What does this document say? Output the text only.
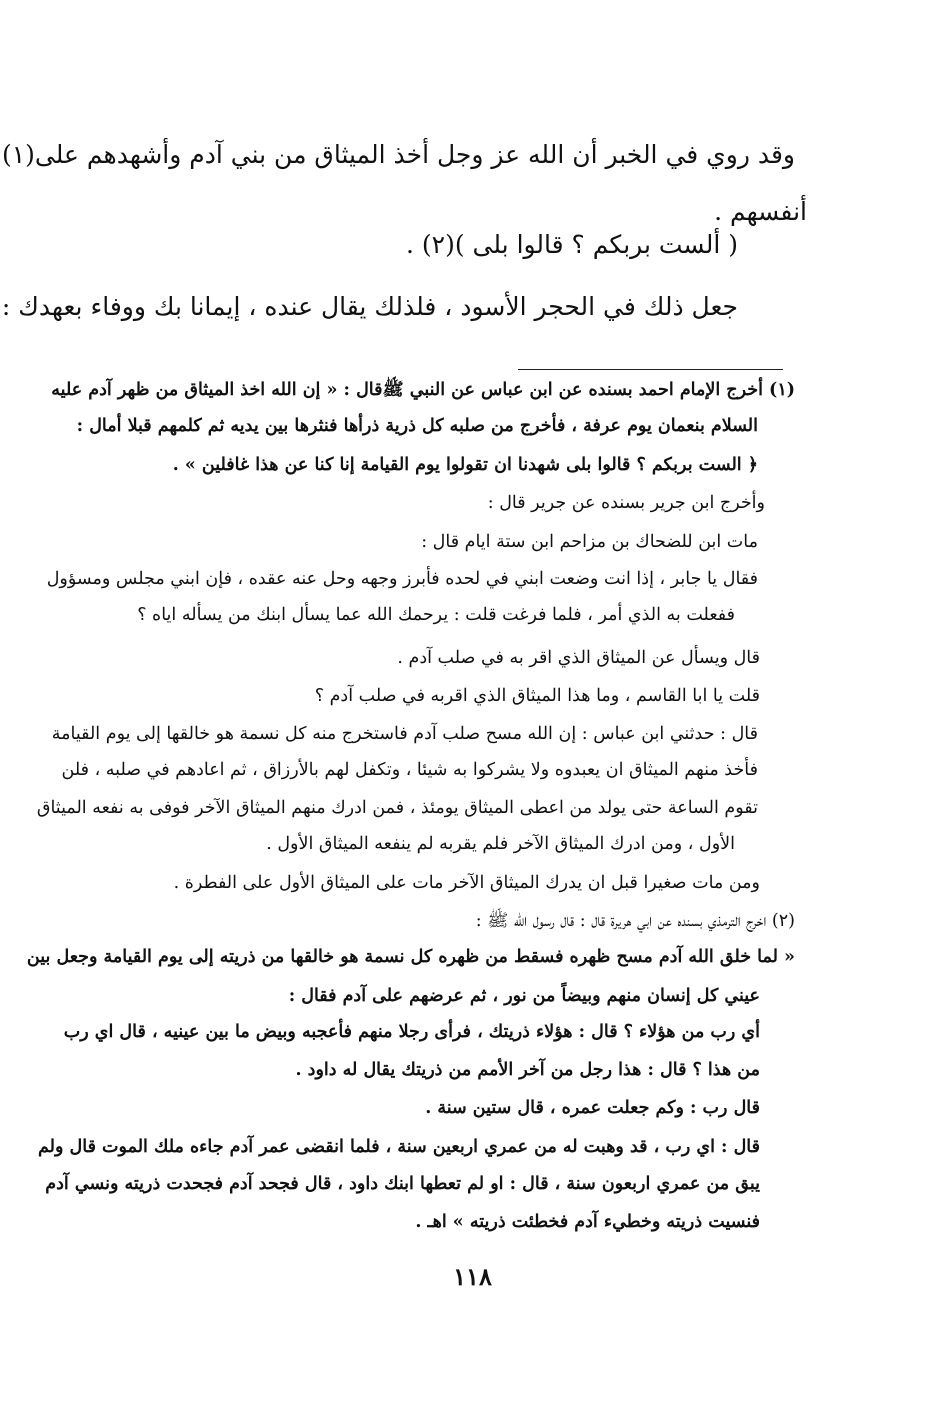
وقد روي في الخبر أن الله عز وجل أخذ الميثاق من بني آدم وأشهدهم على(١)
أنفسهم .
( ألست بربكم ؟ قالوا بلى )(٢) .
جعل ذلك في الحجر الأسود ، فلذلك يقال عنده ، إيمانا بك ووفاء بعهدك :
(١) أخرج الإمام احمد بسنده عن ابن عباس عن النبي ﷺقال : « إن الله اخذ الميثاق من ظهر آدم عليه
السلام بنعمان يوم عرفة ، فأخرج من صلبه كل ذرية ذرأها فنثرها بين يديه ثم كلمهم قبلا أمال :
﴿ الست بربكم ؟ قالوا بلى شهدنا ان تقولوا يوم القيامة إنا كنا عن هذا غافلين » .
وأخرج ابن جرير بسنده عن جرير قال :
مات ابن للضحاك بن مزاحم ابن ستة ايام قال :
فقال يا جابر ، إذا انت وضعت ابني في لحده فأبرز وجهه وحل عنه عقده ، فإن ابني مجلس ومسؤول
ففعلت به الذي أمر ، فلما فرغت قلت : يرحمك الله عما يسأل ابنك من يسأله اياه ؟
قال ويسأل عن الميثاق الذي اقر به في صلب آدم .
قلت يا ابا القاسم ، وما هذا الميثاق الذي اقربه في صلب آدم ؟
قال : حدثني ابن عباس : إن الله مسح صلب آدم فاستخرج منه كل نسمة هو خالقها إلى يوم القيامة
فأخذ منهم الميثاق ان يعبدوه ولا يشركوا به شيئا ، وتكفل لهم بالأرزاق ، ثم اعادهم في صلبه ، فلن
تقوم الساعة حتى يولد من اعطى الميثاق يومئذ ، فمن ادرك منهم الميثاق الآخر فوفى به نفعه الميثاق
الأول ، ومن ادرك الميثاق الآخر فلم يقربه لم ينفعه الميثاق الأول .
ومن مات صغيرا قبل ان يدرك الميثاق الآخر مات على الميثاق الأول على الفطرة .
(٢) اخرج الترمذي بسنده عن ابي هريرة قال : قال رسول الله ﷺ :
« لما خلق الله آدم مسح ظهره فسقط من ظهره كل نسمة هو خالقها من ذريته إلى يوم القيامة وجعل بين
عيني كل إنسان منهم وبيضاً من نور ، ثم عرضهم على آدم فقال :
أي رب من هؤلاء ؟ قال : هؤلاء ذريتك ، فرأى رجلا منهم فأعجبه وبيض ما بين عينيه ، قال اي رب
من هذا ؟ قال : هذا رجل من آخر الأمم من ذريتك يقال له داود .
قال رب : وكم جعلت عمره ، قال ستين سنة .
قال : اي رب ، قد وهبت له من عمري اربعين سنة ، فلما انقضى عمر آدم جاءه ملك الموت قال ولم
يبق من عمري اربعون سنة ، قال : او لم تعطها ابنك داود ، قال فجحد آدم فجحدت ذريته ونسي آدم
فنسيت ذريته وخطيء آدم فخطئت ذريته » اهـ .
١١٨
